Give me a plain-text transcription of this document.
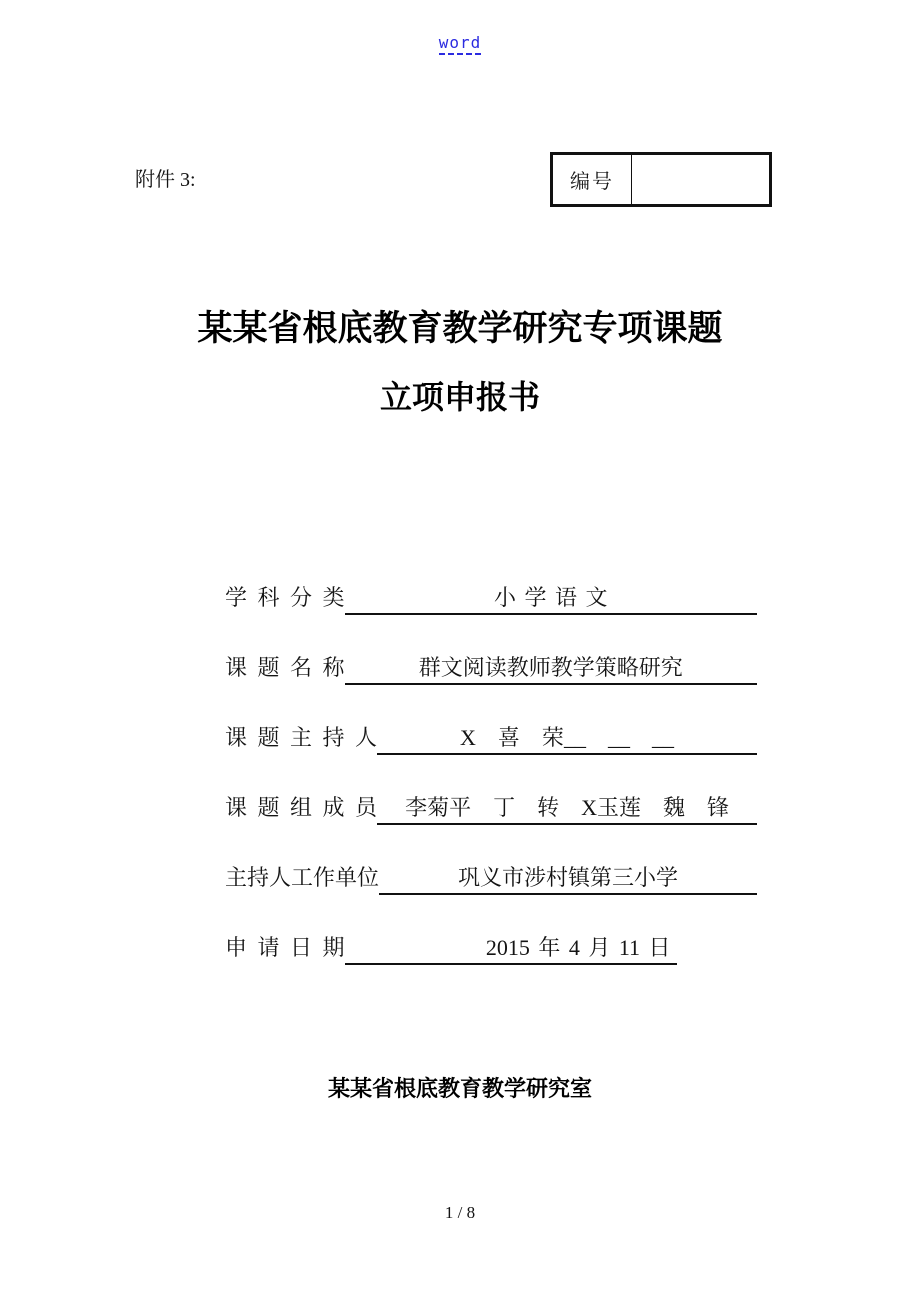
word
附件 3:	编号
某某省根底教育教学研究专项课题
立项申报书
学 科 分 类	小 学 语 文
课 题 名 称	群文阅读教师教学策略研究
课 题 主 持 人	X　喜　荣__　__　__
课 题 组 成 员	李菊平　丁　转　X玉莲　魏　锋
主持人工作单位	巩义市涉村镇第三小学
申 请 日 期	2015 年 4 月 11 日
某某省根底教育教学研究室
1 / 8
